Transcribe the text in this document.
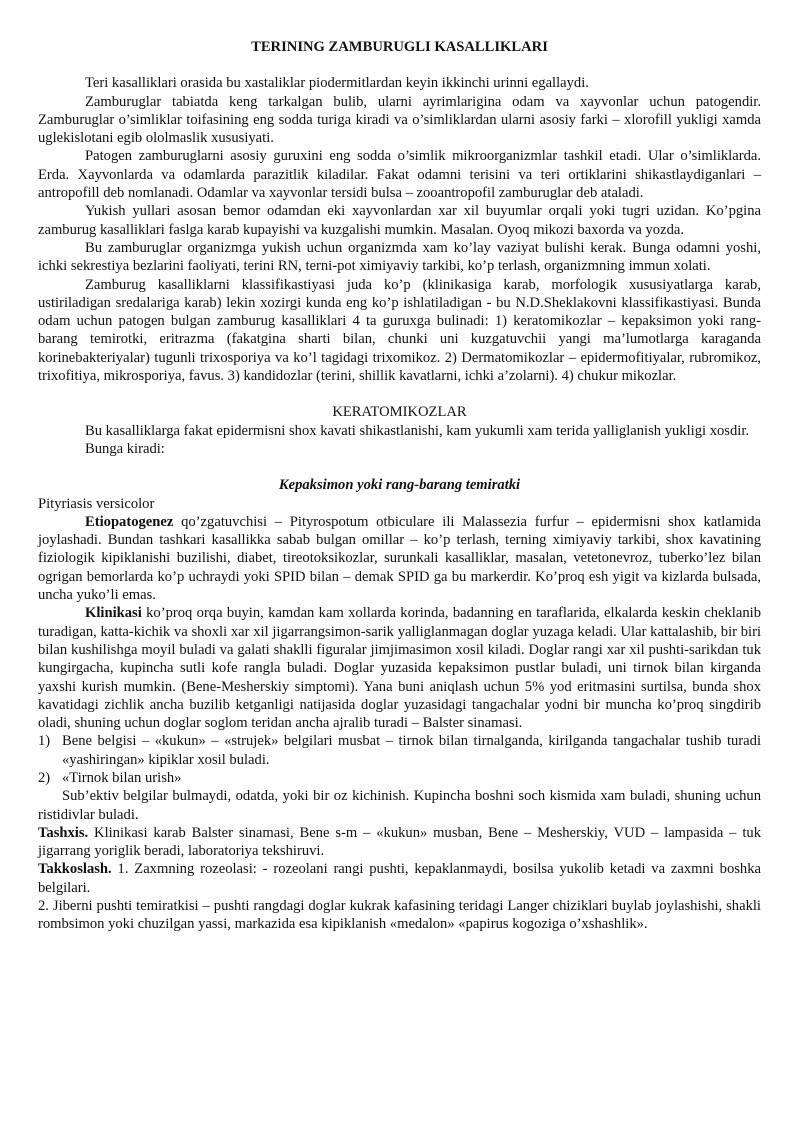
TERINING ZAMBURUGLI KASALLIKLARI

Teri kasalliklari orasida bu xastaliklar piodermitlardan keyin ikkinchi urinni egallaydi.

Zamburuglar tabiatda keng tarkalgan bulib, ularni ayrimlarigina odam va xayvonlar uchun patogendir. Zamburuglar o’simliklar toifasining eng sodda turiga kiradi va o’simliklardan ularni asosiy farki – xlorofill yukligi xamda uglekislotani egib ololmaslik xususiyati.

Patogen zamburuglarni asosiy guruxini eng sodda o’simlik mikroorganizmlar tashkil etadi. Ular o’simliklarda. Erda. Xayvonlarda va odamlarda parazitlik kiladilar. Fakat odamni terisini va teri ortiklarini shikastlaydiganlari – antropofill deb nomlanadi. Odamlar va xayvonlar tersidi bulsa – zooantropofil zamburuglar deb ataladi.

Yukish yullari asosan bemor odamdan eki xayvonlardan xar xil buyumlar orqali yoki tugri uzidan. Ko’pgina zamburug kasalliklari faslga karab kupayishi va kuzgalishi mumkin. Masalan. Oyoq mikozi baxorda va yozda.

Bu zamburuglar organizmga yukish uchun organizmda xam ko’lay vaziyat bulishi kerak. Bunga odamni yoshi, ichki sekrestiya bezlarini faoliyati, terini RN, terni-pot ximiyaviy tarkibi, ko’p terlash, organizmning immun xolati.

Zamburug kasalliklarni klassifikastiyasi juda ko’p (klinikasiga karab, morfologik xususiyatlarga karab, ustiriladigan sredalariga karab) lekin xozirgi kunda eng ko’p ishlatiladigan - bu N.D.Sheklakovni klassifikastiyasi. Bunda odam uchun patogen bulgan zamburug kasalliklari 4 ta guruxga bulinadi: 1) keratomikozlar – kepaksimon yoki rang-barang temirotki, eritrazma (fakatgina sharti bilan, chunki uni kuzgatuvchii yangi ma’lumotlarga karaganda korinebakteriyalar) tugunli trixosporiya va ko’l tagidagi trixomikoz. 2) Dermatomikozlar – epidermofitiyalar, rubromikoz, trixofitiya, mikrosporiya, favus. 3) kandidozlar (terini, shillik kavatlarni, ichki a’zolarni). 4) chukur mikozlar.

KERATOMIKOZLAR

Bu kasalliklarga fakat epidermisni shox kavati shikastlanishi, kam yukumli xam terida yalliglanish yukligi xosdir.

Bunga kiradi:

Kepaksimon yoki rang-barang temiratki

Pityriasis versicolor

Etiopatogenez qo’zgatuvchisi – Pityrospotum otbiculare ili Malassezia furfur – epidermisni shox katlamida joylashadi. Bundan tashkari kasallikka sabab bulgan omillar – ko’p terlash, terning ximiyaviy tarkibi, shox kavatining fiziologik kipiklanishi buzilishi, diabet, tireotoksikozlar, surunkali kasalliklar, masalan, vetetonevroz, tuberko’lez bilan ogrigan bemorlarda ko’p uchraydi yoki SPID bilan – demak SPID ga bu markerdir. Ko’proq esh yigit va kizlarda bulsada, uncha yuko’li emas.

Klinikasi ko’proq orqa buyin, kamdan kam xollarda korinda, badanning en taraflarida, elkalarda keskin cheklanib turadigan, katta-kichik va shoxli xar xil jigarrangsimon-sarik yalliglanmagan doglar yuzaga keladi. Ular kattalashib, bir biri bilan kushilishga moyil buladi va galati shaklli figuralar jimjimasimon xosil kiladi. Doglar rangi xar xil pushti-sarikdan tuk kungirgacha, kupincha sutli kofe rangla buladi. Doglar yuzasida kepaksimon pustlar buladi, uni tirnok bilan kirganda yaxshi kurish mumkin. (Bene-Mesherskiy simptomi). Yana buni aniqlash uchun 5% yod eritmasini surtilsa, bunda shox kavatidagi zichlik ancha buzilib ketganligi natijasida doglar yuzasidagi tangachalar yodni bir muncha ko’proq singdirib oladi, shuning uchun doglar soglom teridan ancha ajralib turadi – Balster sinamasi.

1) Bene belgisi – «kukun» – «strujek» belgilari musbat – tirnok bilan tirnalganda, kirilganda tangachalar tushib turadi «yashiringan» kipiklar xosil buladi.
2) «Tirnok bilan urish»

Sub’ektiv belgilar bulmaydi, odatda, yoki bir oz kichinish. Kupincha boshni soch kismida xam buladi, shuning uchun ristidivlar buladi.

Tashxis. Klinikasi karab Balster sinamasi, Bene s-m – «kukun» musban, Bene – Mesherskiy, VUD – lampasida – tuk jigarrang yoriglik beradi, laboratoriya tekshiruvi.

Takkoslash. 1. Zaxmning rozeolasi: - rozeolani rangi pushti, kepaklanmaydi, bosilsa yukolib ketadi va zaxmni boshka belgilari.

2. Jiberni pushti temiratkisi – pushti rangdagi doglar kukrak kafasining teridagi Langer chiziklari buylab joylashishi, shakli rombsimon yoki chuzilgan yassi, markazida esa kipiklanish «medalon» «papirus kogoziga o’xshashlik».
